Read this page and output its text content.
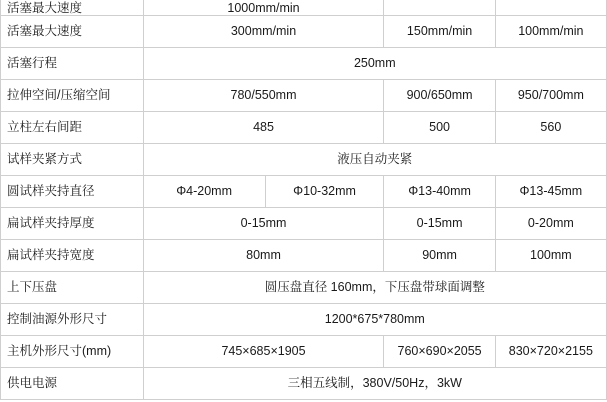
活塞最大速度	1000mm/min			

活塞最大速度	300mm/min		150mm/min	100mm/min
活塞行程	250mm			
拉伸空间/压缩空间	780/550mm		900/650mm	950/700mm
立柱左右间距	485		500	560
试样夹紧方式	液压自动夹紧			
圆试样夹持直径	Φ4-20mm	Φ10-32mm	Φ13-40mm	Φ13-45mm
扁试样夹持厚度	0-15mm		0-15mm	0-20mm
扁试样夹持宽度	80mm		90mm	100mm
上下压盘	圆压盘直径 160mm，下压盘带球面调整			
控制油源外形尺寸	1200*675*780mm			
主机外形尺寸(mm)	745×685×1905		760×690×2055	830×720×2155
供电电源	三相五线制，380V/50Hz，3kW			
